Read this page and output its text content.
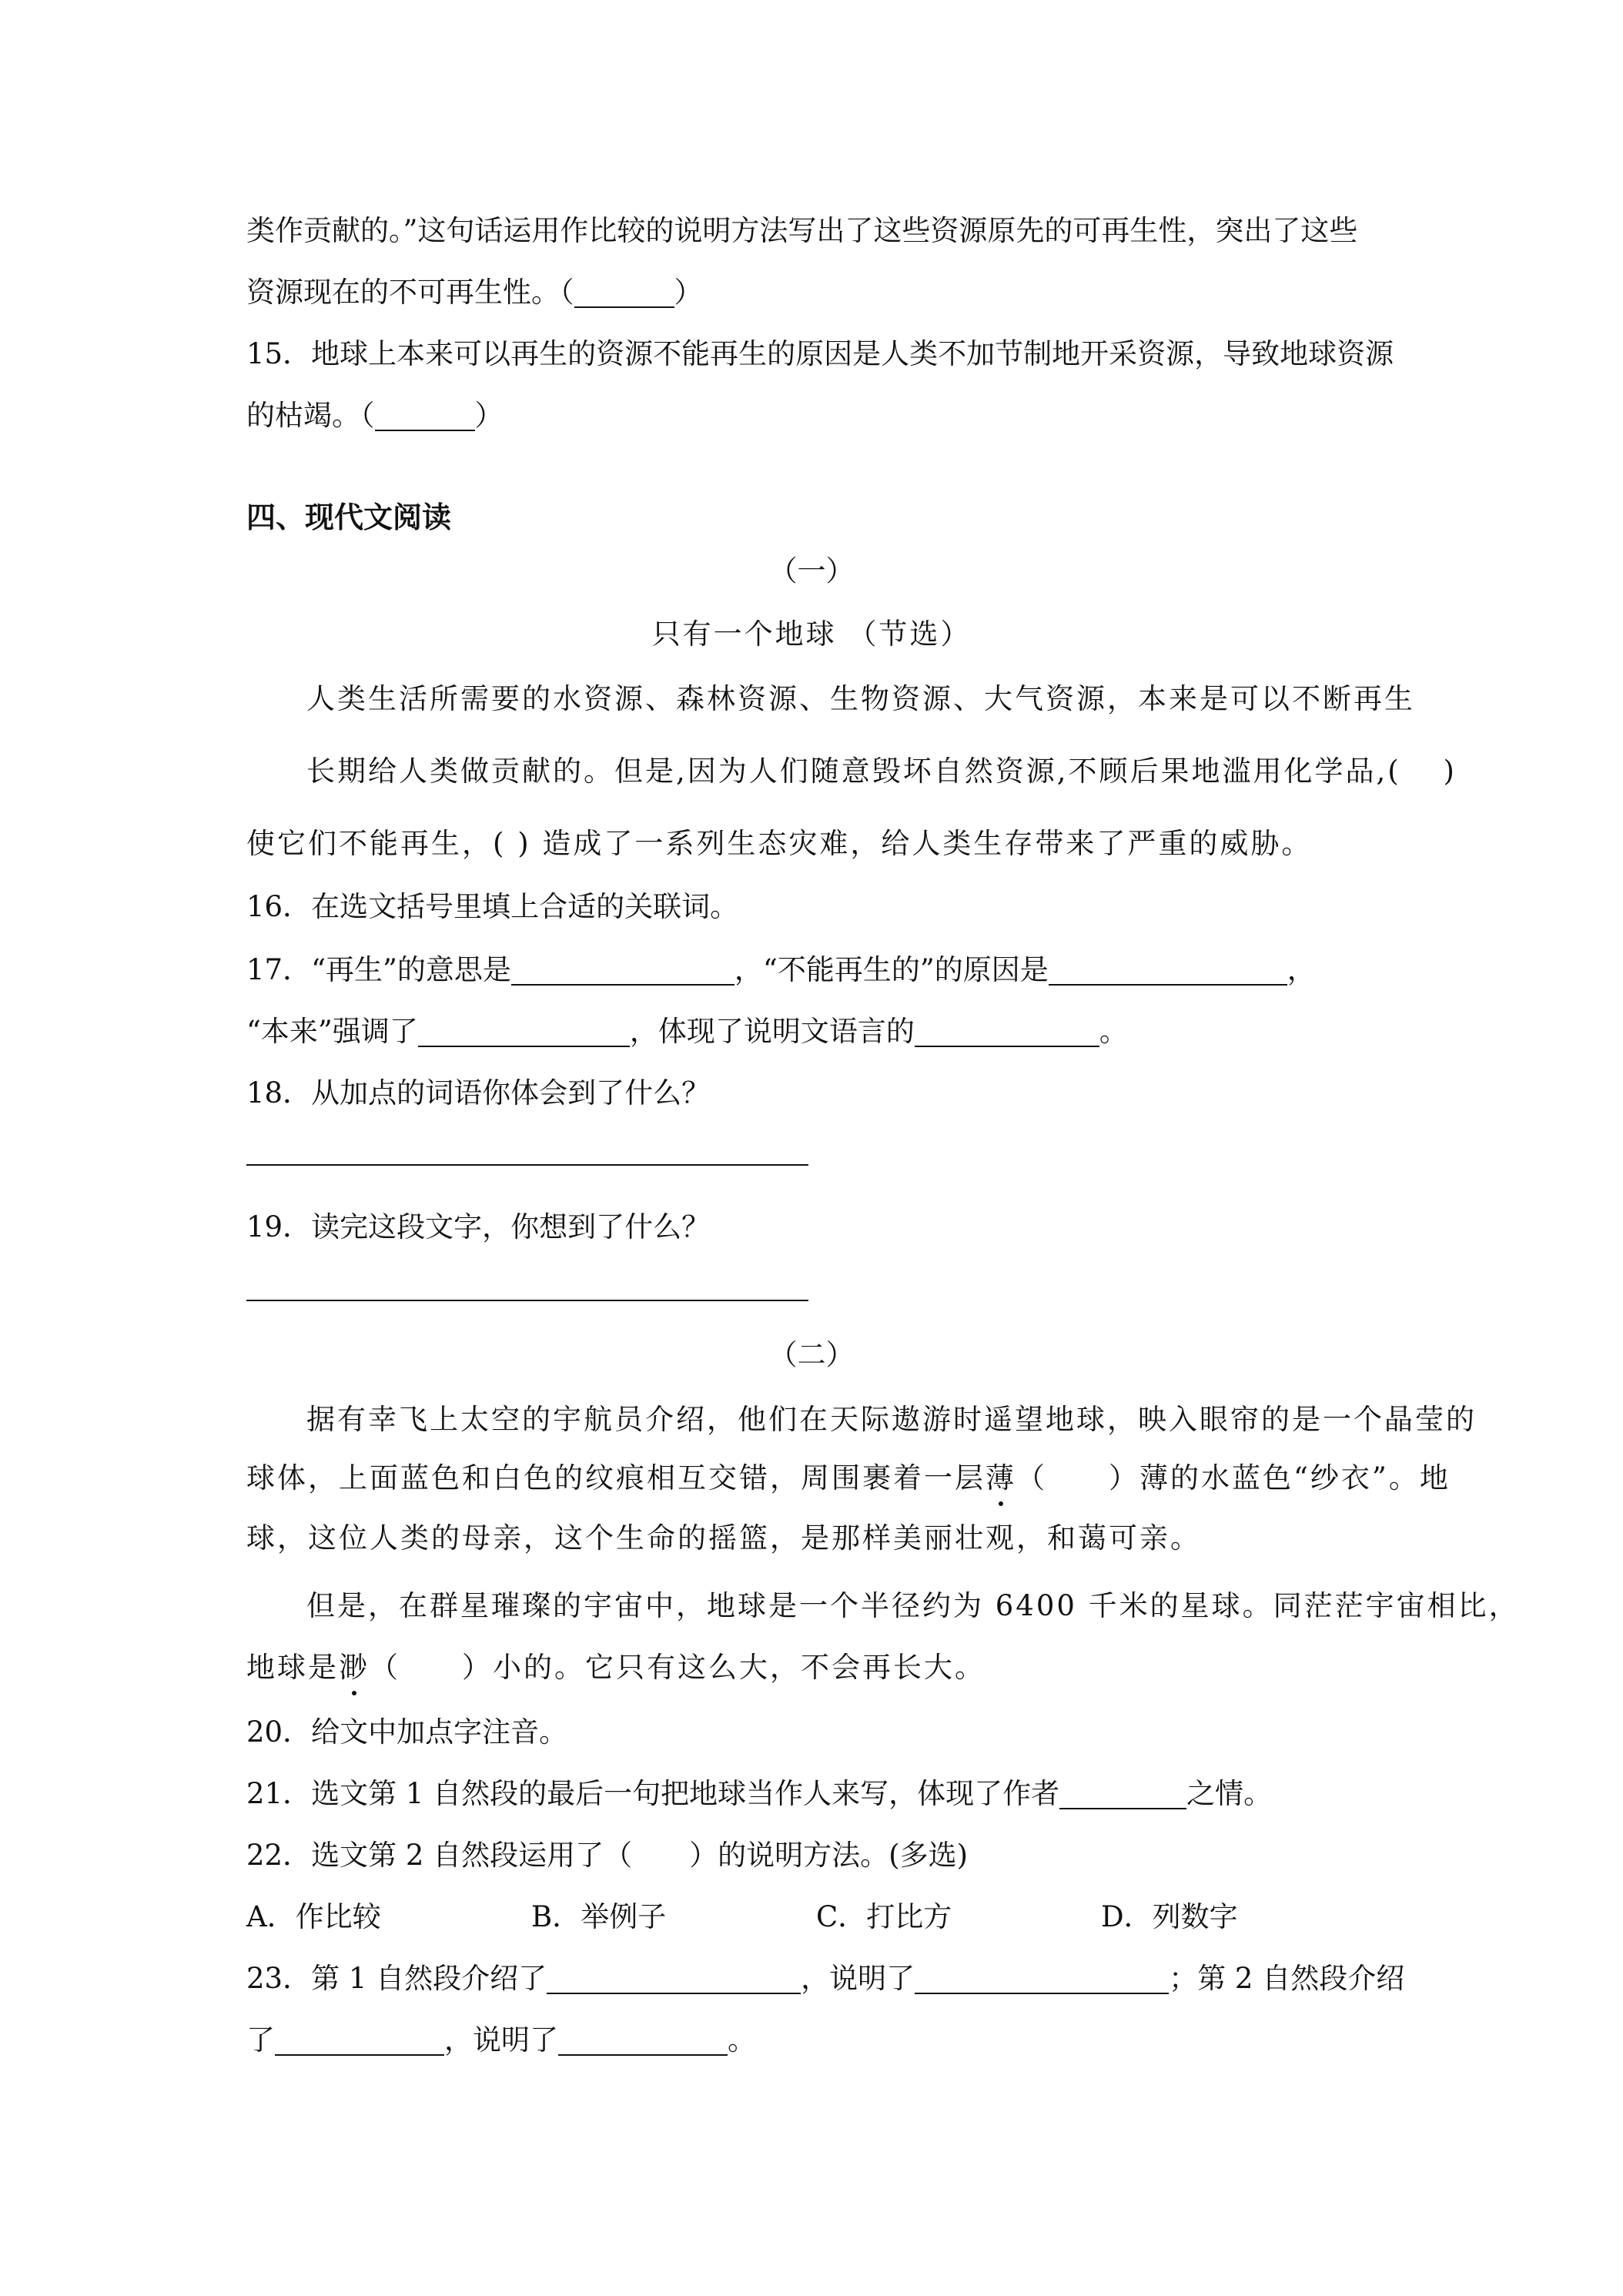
类作贡献的。”这句话运用作比较的说明方法写出了这些资源原先的可再生性，突出了这些
资源现在的不可再生性。（	）
15．地球上本来可以再生的资源不能再生的原因是人类不加节制地开采资源，导致地球资源
的枯竭。（	）
四、现代文阅读
（一）
只有一个地球 （节选）
人类生活所需要的水资源、森林资源、生物资源、大气资源，本来是可以不断再生
长期给人类做贡献的。但是,因为人们随意毁坏自然资源,不顾后果地滥用化学品,(　 )
使它们不能再生，( ) 造成了一系列生态灾难，给人类生存带来了严重的威胁。
16．在选文括号里填上合适的关联词。
17．“再生”的意思是	，“不能再生的”的原因是	，
“本来”强调了	，体现了说明文语言的	。
18．从加点的词语你体会到了什么？
19．读完这段文字，你想到了什么？
（二）
据有幸飞上太空的宇航员介绍，他们在天际遨游时遥望地球，映入眼帘的是一个晶莹的
球体，上面蓝色和白色的纹痕相互交错，周围裹着一层薄（　　）薄的水蓝色“纱衣”。地
球，这位人类的母亲，这个生命的摇篮，是那样美丽壮观，和蔼可亲。
但是，在群星璀璨的宇宙中，地球是一个半径约为 6400 千米的星球。同茫茫宇宙相比，
地球是渺（　　）小的。它只有这么大，不会再长大。
20．给文中加点字注音。
21．选文第 1 自然段的最后一句把地球当作人来写，体现了作者	之情。
22．选文第 2 自然段运用了（　　）的说明方法。(多选)
A．作比较	B．举例子	C．打比方	D．列数字
23．第 1 自然段介绍了	，说明了	；第 2 自然段介绍
了	，说明了	。
